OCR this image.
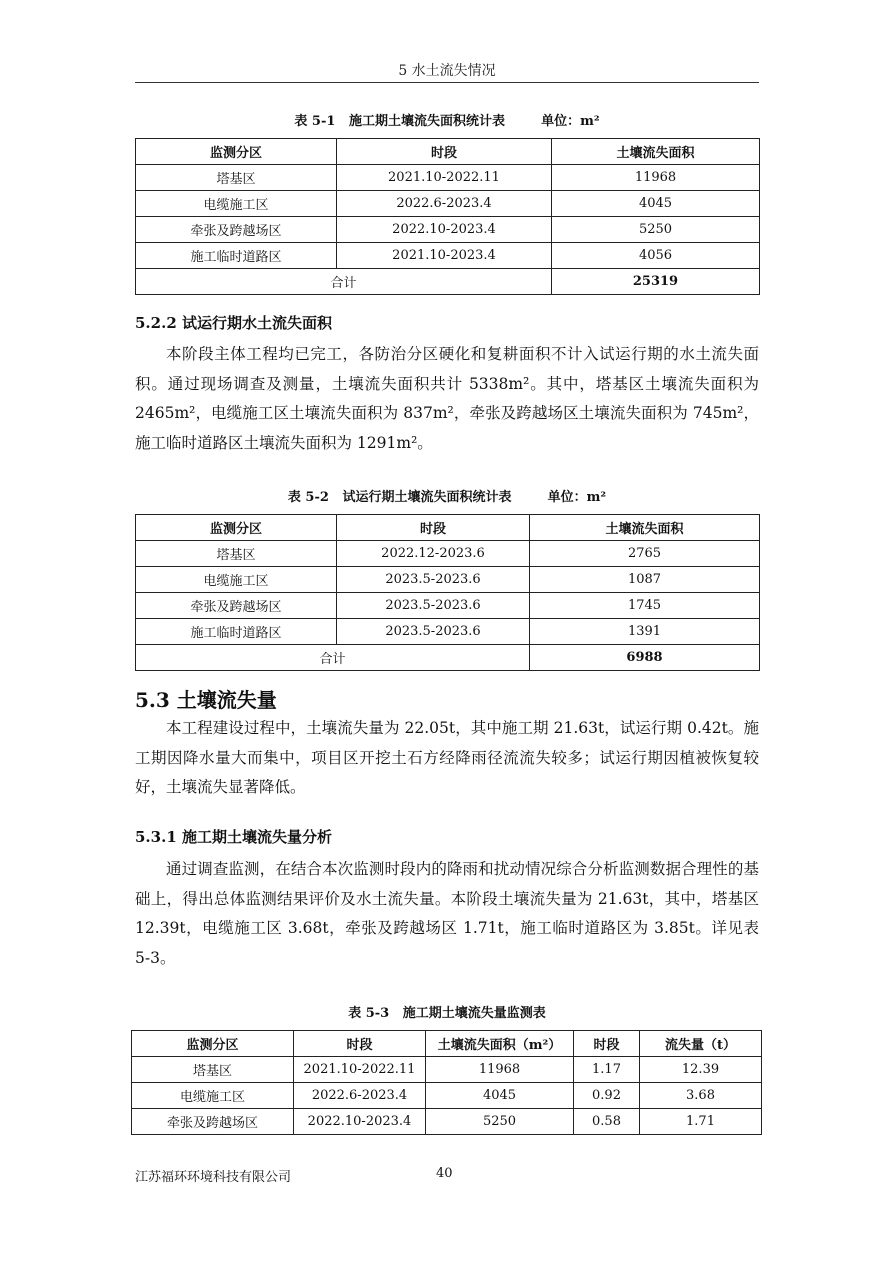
5 水土流失情况
表 5-1   施工期土壤流失面积统计表        单位：m²
监测分区	时段	土壤流失面积
塔基区	2021.10-2022.11	11968
电缆施工区	2022.6-2023.4	4045
牵张及跨越场区	2022.10-2023.4	5250
施工临时道路区	2021.10-2023.4	4056
合计		25319
5.2.2 试运行期水土流失面积
本阶段主体工程均已完工，各防治分区硬化和复耕面积不计入试运行期的水土流失面积。通过现场调查及测量，土壤流失面积共计 5338m²。其中，塔基区土壤流失面积为 2465m²，电缆施工区土壤流失面积为 837m²，牵张及跨越场区土壤流失面积为 745m²，施工临时道路区土壤流失面积为 1291m²。
表 5-2   试运行期土壤流失面积统计表        单位：m²
监测分区	时段	土壤流失面积
塔基区	2022.12-2023.6	2765
电缆施工区	2023.5-2023.6	1087
牵张及跨越场区	2023.5-2023.6	1745
施工临时道路区	2023.5-2023.6	1391
合计		6988
5.3 土壤流失量
本工程建设过程中，土壤流失量为 22.05t，其中施工期 21.63t，试运行期 0.42t。施工期因降水量大而集中，项目区开挖土石方经降雨径流流失较多；试运行期因植被恢复较好，土壤流失显著降低。
5.3.1 施工期土壤流失量分析
通过调查监测，在结合本次监测时段内的降雨和扰动情况综合分析监测数据合理性的基础上，得出总体监测结果评价及水土流失量。本阶段土壤流失量为 21.63t，其中，塔基区 12.39t，电缆施工区 3.68t，牵张及跨越场区 1.71t，施工临时道路区为 3.85t。详见表 5-3。
表 5-3   施工期土壤流失量监测表
监测分区	时段	土壤流失面积（m²）	时段	流失量（t）
塔基区	2021.10-2022.11	11968	1.17	12.39
电缆施工区	2022.6-2023.4	4045	0.92	3.68
牵张及跨越场区	2022.10-2023.4	5250	0.58	1.71
江苏福环环境科技有限公司	40
